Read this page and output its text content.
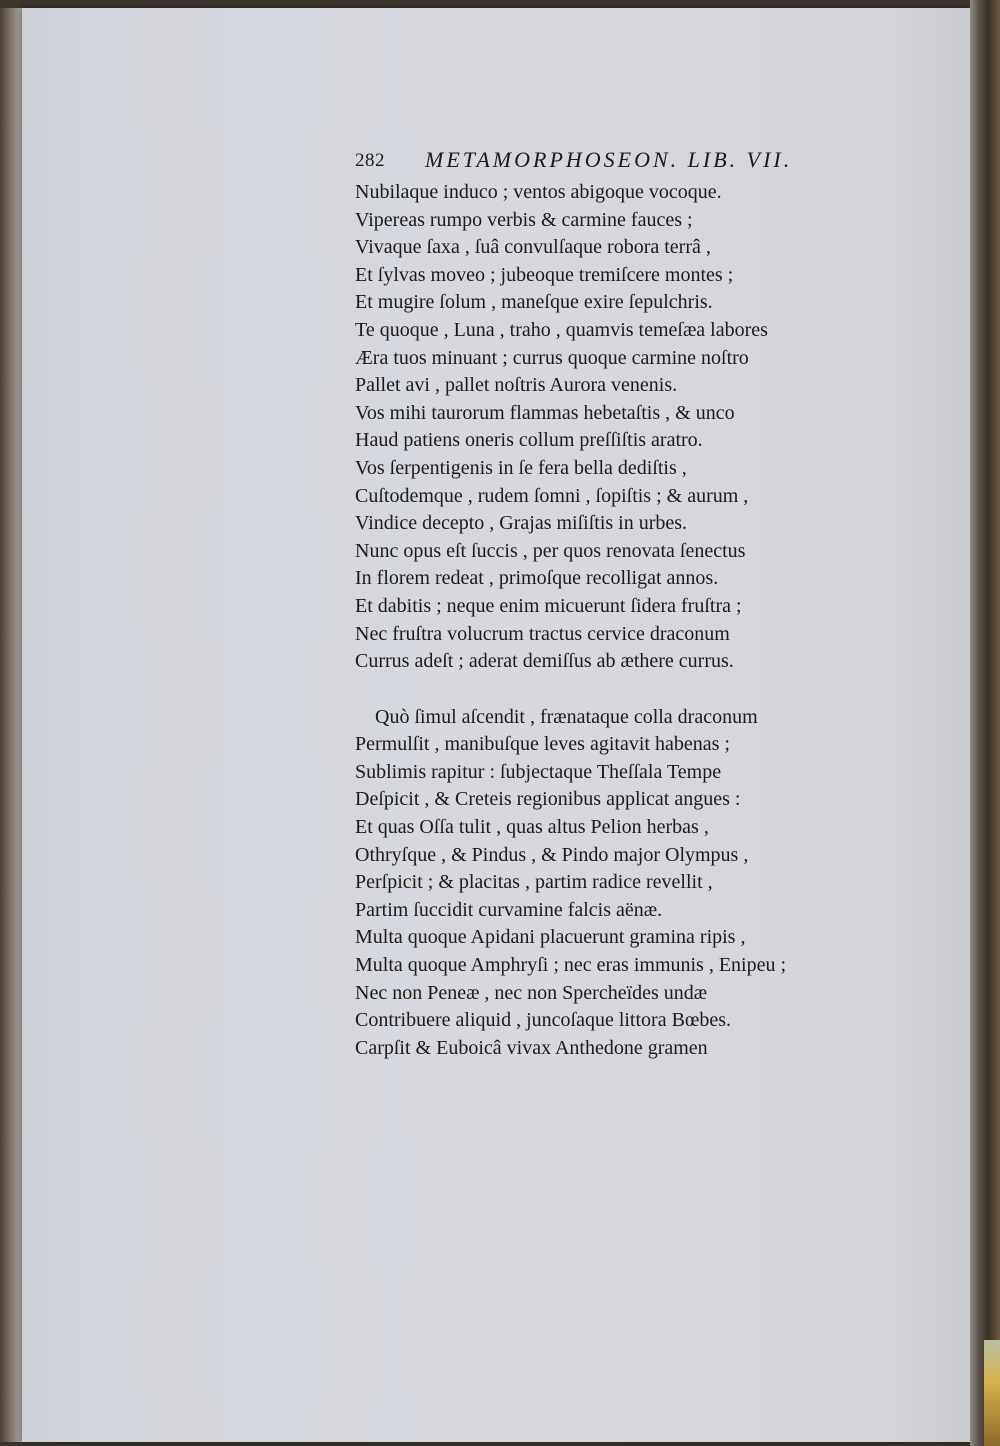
282 METAMORPHOSEON. LIB. VII.
Nubilaque induco ; ventos abigoque vocoque.
Vipereas rumpo verbis & carmine fauces ;
Vivaque ſaxa , ſuâ convulſaque robora terrâ ,
Et ſylvas moveo ; jubeoque tremiſcere montes ;
Et mugire ſolum , maneſque exire ſepulchris.
Te quoque , Luna , traho , quamvis temeſæa labores
Æra tuos minuant ; currus quoque carmine noſtro
Pallet avi , pallet noſtris Aurora venenis.
Vos mihi taurorum flammas hebetaſtis , & unco
Haud patiens oneris collum preſſiſtis aratro.
Vos ſerpentigenis in ſe fera bella dediſtis ,
Cuſtodemque , rudem ſomni , ſopiſtis ; & aurum ,
Vindice decepto , Grajas miſiſtis in urbes.
Nunc opus eſt ſuccis , per quos renovata ſenectus
In florem redeat , primoſque recolligat annos.
Et dabitis ; neque enim micuerunt ſidera fruſtra ;
Nec fruſtra volucrum tractus cervice draconum
Currus adeſt ; aderat demiſſus ab æthere currus.
Quò ſimul aſcendit , frænataque colla draconum
Permulſit , manibuſque leves agitavit habenas ;
Sublimis rapitur : ſubjectaque Theſſala Tempe
Deſpicit , & Creteis regionibus applicat angues :
Et quas Oſſa tulit , quas altus Pelion herbas ,
Othryſque , & Pindus , & Pindo major Olympus ,
Perſpicit ; & placitas , partim radice revellit ,
Partim ſuccidit curvamine falcis aënæ.
Multa quoque Apidani placuerunt gramina ripis ,
Multa quoque Amphryſi ; nec eras immunis , Enipeu ;
Nec non Peneæ , nec non Spercheïdes undæ
Contribuere aliquid , juncoſaque littora Bœbes.
Carpſit & Euboicâ vivax Anthedone gramen
